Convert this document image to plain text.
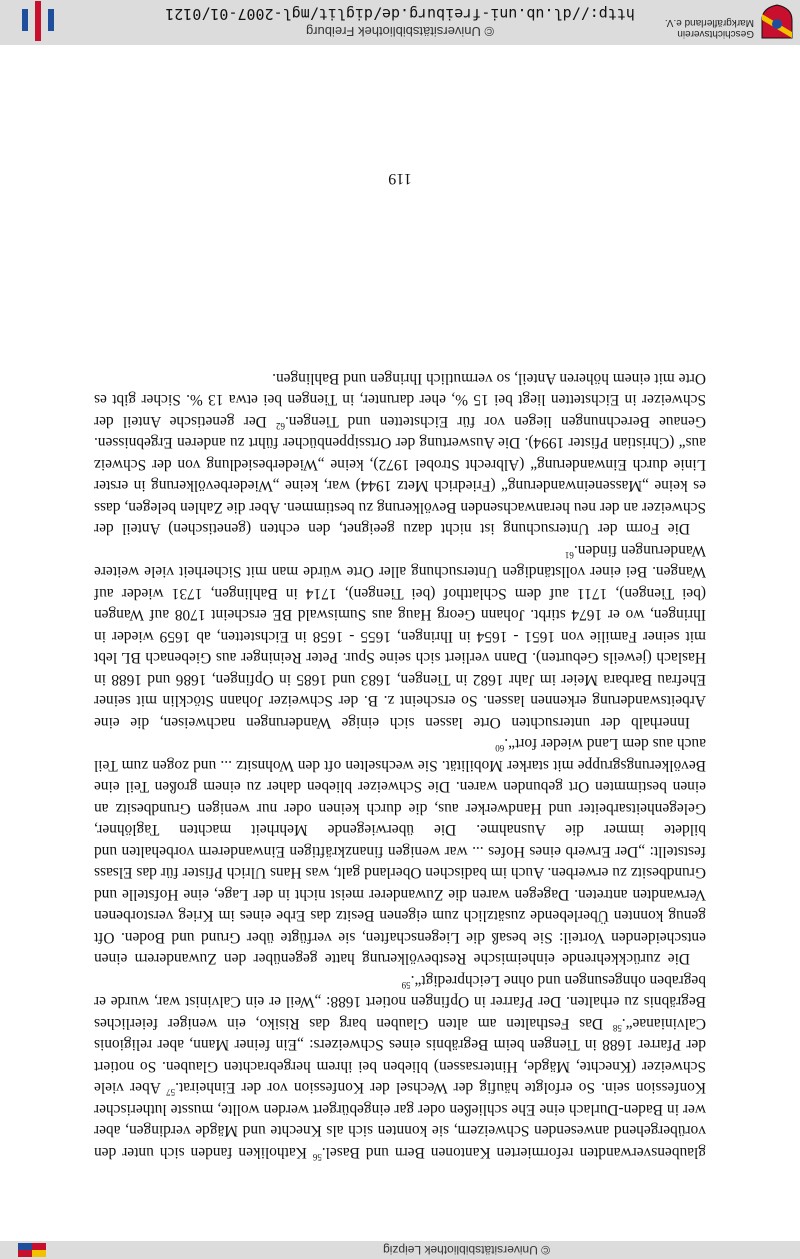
© Universitätsbibliothek Leipzig

glaubensverwandten reformierten Kantonen Bern und Basel.$^{56}$ Katholiken fanden sich unter den vorübergehend anwesenden Schweizern, sie konnten sich als Knechte und Mägde verdingen, aber wer in Baden-Durlach eine Ehe schließen oder gar eingebürgert werden wollte, musste lutherischer Konfession sein. So erfolgte häufig der Wechsel der Konfession vor der Einheirat.$^{57}$ Aber viele Schweizer (Knechte, Mägde, Hintersassen) blieben bei ihrem hergebrachten Glauben. So notiert der Pfarrer 1688 in Tiengen beim Begräbnis eines Schweizers: „Ein feiner Mann, aber religionis Calvinianae“.$^{58}$ Das Festhalten am alten Glauben barg das Risiko, ein weniger feierliches Begräbnis zu erhalten. Der Pfarrer in Opfingen notiert 1688: „Weil er ein Calvinist war, wurde er begraben ohngesungen und ohne Leichpredigt“.$^{59}$

Die zurückkehrende einheimische Restbevölkerung hatte gegenüber den Zuwanderern einen entscheidenden Vorteil: Sie besaß die Liegenschaften, sie verfügte über Grund und Boden. Oft genug konnten Überlebende zusätzlich zum eigenen Besitz das Erbe eines im Krieg verstorbenen Verwandten antreten. Dagegen waren die Zuwanderer meist nicht in der Lage, eine Hofstelle und Grundbesitz zu erwerben. Auch im badischen Oberland galt, was Hans Ulrich Pfister für das Elsass feststellt: „Der Erwerb eines Hofes ... war wenigen finanzkräftigen Einwanderern vorbehalten und bildete immer die Ausnahme. Die überwiegende Mehrheit machten Taglöhner, Gelegenheitsarbeiter und Handwerker aus, die durch keinen oder nur wenigen Grundbesitz an einen bestimmten Ort gebunden waren. Die Schweizer blieben daher zu einem großen Teil eine Bevölkerungsgruppe mit starker Mobilität. Sie wechselten oft den Wohnsitz ... und zogen zum Teil auch aus dem Land wieder fort“.$^{60}$

Innerhalb der untersuchten Orte lassen sich einige Wanderungen nachweisen, die eine Arbeitswanderung erkennen lassen. So erscheint z. B. der Schweizer Johann Stöcklin mit seiner Ehefrau Barbara Meier im Jahr 1682 in Tiengen, 1683 und 1685 in Opfingen, 1686 und 1688 in Haslach (jeweils Geburten). Dann verliert sich seine Spur. Peter Reininger aus Giebenach BL lebt mit seiner Familie von 1651 - 1654 in Ihringen, 1655 - 1658 in Eichstetten, ab 1659 wieder in Ihringen, wo er 1674 stirbt. Johann Georg Haug aus Sumiswald BE erscheint 1708 auf Wangen (bei Tiengen), 1711 auf dem Schlatthof (bei Tiengen), 1714 in Bahlingen, 1731 wieder auf Wangen. Bei einer vollständigen Untersuchung aller Orte würde man mit Sicherheit viele weitere Wanderungen finden.$^{61}$

Die Form der Untersuchung ist nicht dazu geeignet, den echten (genetischen) Anteil der Schweizer an der neu heranwachsenden Bevölkerung zu bestimmen. Aber die Zahlen belegen, dass es keine „Masseneinwanderung“ (Friedrich Metz 1944) war, keine „Wiederbevölkerung in erster Linie durch Einwanderung“ (Albrecht Strobel 1972), keine „Wiederbesiedlung von der Schweiz aus“ (Christian Pfister 1994). Die Auswertung der Ortssippenbücher führt zu anderen Ergebnissen. Genaue Berechnungen liegen vor für Eichstetten und Tiengen.$^{62}$ Der genetische Anteil der Schweizer in Eichstetten liegt bei 15 %, eher darunter, in Tiengen bei etwa 13 %. Sicher gibt es Orte mit einem höheren Anteil, so vermutlich Ihringen und Bahlingen.

119
Geschichtsverein
Markgräflerland e.V.
© Universitätsbibliothek Freiburg
http://dl.ub.uni-freiburg.de/diglit/mgl-2007-01/0121
